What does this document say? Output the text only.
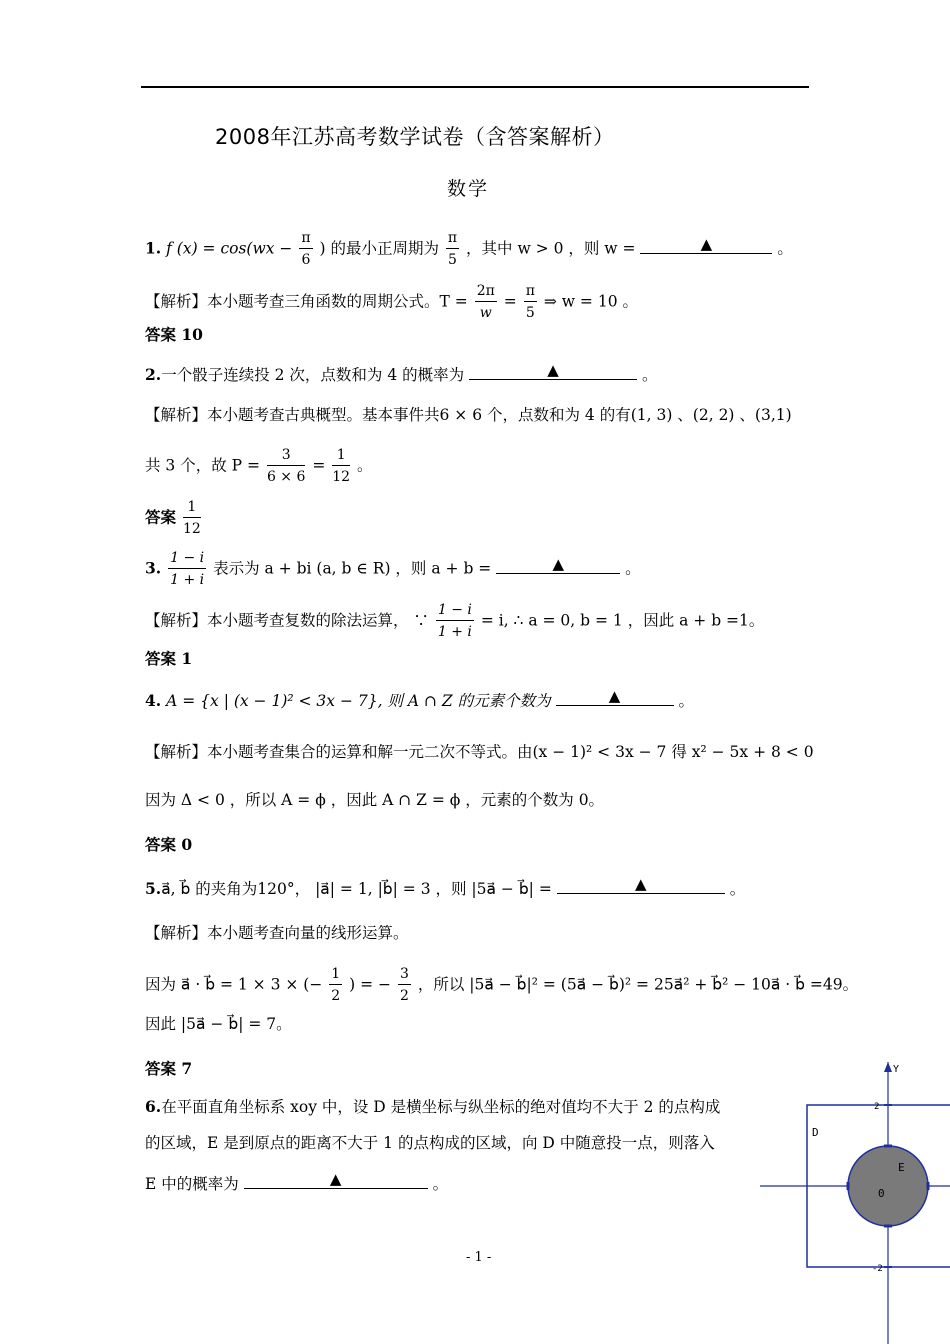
2008年江苏高考数学试卷（含答案解析）
数学
1. f $(x) = \cos(wx - \frac{\pi}{6}$ ) 的最小正周期为 $\frac{\pi}{5}$ ，其中 w > 0 ，则 w =	▲	。
【解析】本小题考查三角函数的周期公式。$T = \frac{2\pi}{w} = \frac{\pi}{5}$ ⇒ w = 10 。
答案 10
2.一个骰子连续投 2 次，点数和为 4 的概率为	▲	。
【解析】本小题考查古典概型。基本事件共6 × 6 个，点数和为 4 的有(1, 3) 、(2, 2) 、(3,1)
共 3 个，故 $P = \frac{3}{6 \times 6} = \frac{1}{12}$ 。
答案 $\frac{1}{12}$
3. $\frac{1 - i}{1 + i}$ 表示为 a + bi (a, b ∈ R) ，则 a + b =	▲	。
【解析】本小题考查复数的除法运算， ∵ $\frac{1 - i}{1 + i} = i$, ∴ a = 0, b = 1 ，因此 a + b =1。
答案 1
4. A = {x | (x − 1)² < 3x − 7}, 则 A ∩ Z 的元素个数为	▲	。
【解析】本小题考查集合的运算和解一元二次不等式。由(x − 1)² < 3x − 7 得 x² − 5x + 8 < 0
因为 Δ < 0 ，所以 A = ϕ ，因此 A ∩ Z = ϕ ，元素的个数为 0。
答案 0
5.a⃗, b⃗ 的夹角为120°， |a⃗| = 1, |b⃗| = 3 ，则 |5a⃗ − b⃗| =	▲	。
【解析】本小题考查向量的线形运算。
因为 a⃗ · b⃗ = 1 × 3 × (− $\frac{1}{2}$ ) = − $\frac{3}{2}$ ，所以 |5a⃗ − b⃗|² = (5a⃗ − b⃗)² = 25a⃗² + b⃗² − 10a⃗ · b⃗ =49。
因此 |5a⃗ − b⃗| = 7。
答案 7
6.在平面直角坐标系 xoy 中，设 D 是横坐标与纵坐标的绝对值均不大于 2 的点构成
的区域，E 是到原点的距离不大于 1 的点构成的区域，向 D 中随意投一点，则落入
E 中的概率为	▲	。
Y
2
-2
D
E
0
- 1 -
